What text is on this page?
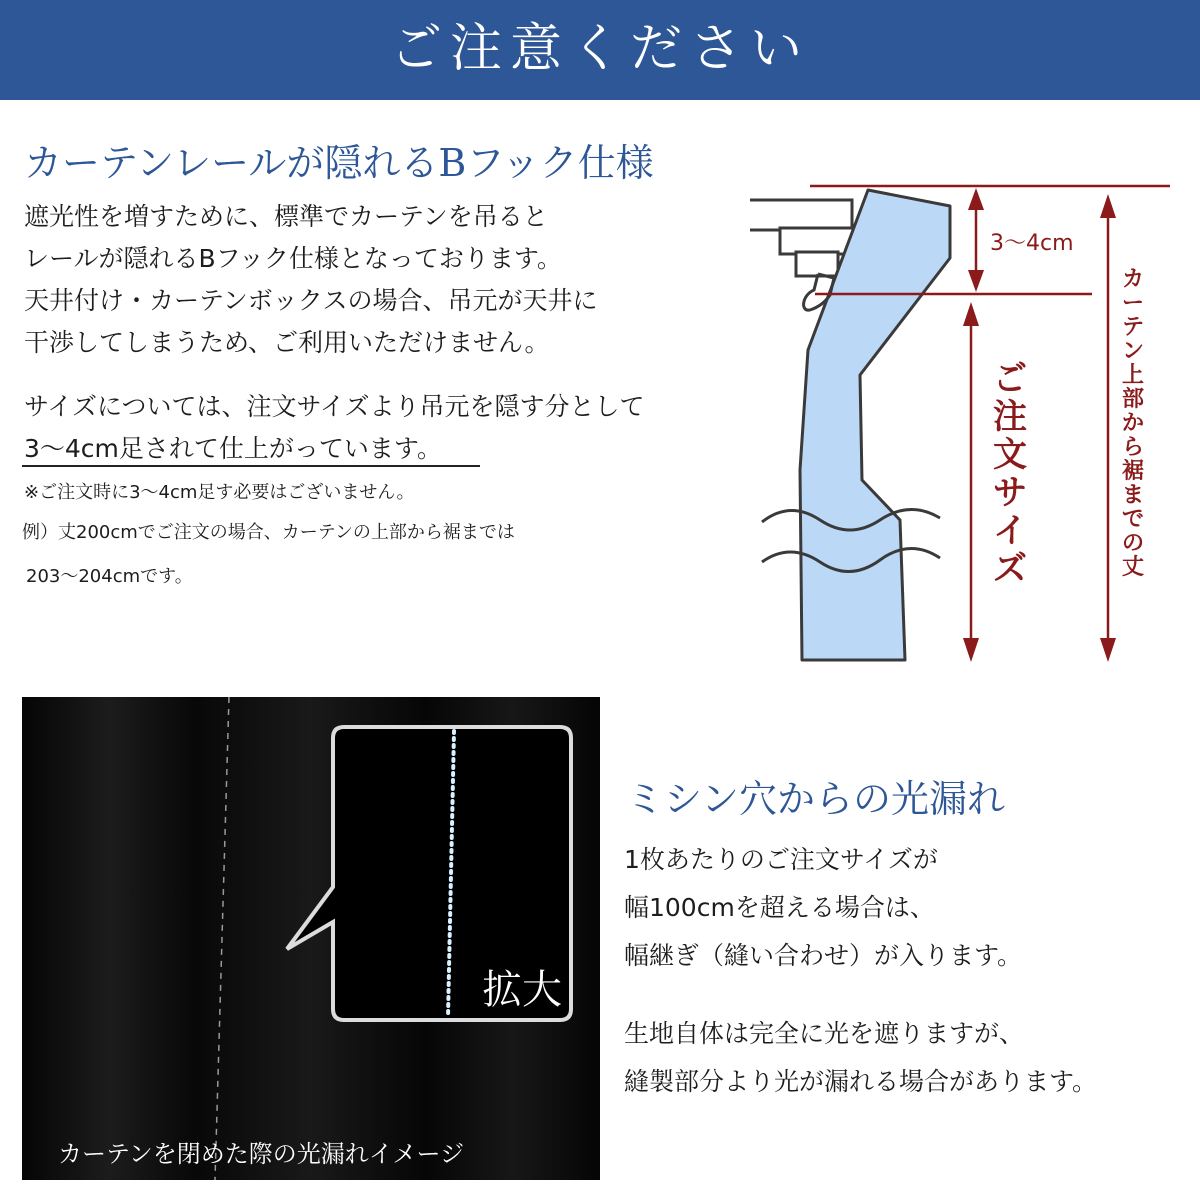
ご注意ください
カーテンレールが隠れるBフック仕様
遮光性を増すために、標準でカーテンを吊ると
レールが隠れるBフック仕様となっております。
天井付け・カーテンボックスの場合、吊元が天井に
干渉してしまうため、ご利用いただけません。
サイズについては、注文サイズより吊元を隠す分として
3〜4cm足されて仕上がっています。
※ご注文時に3〜4cm足す必要はございません。
例）丈200cmでご注文の場合、カーテンの上部から裾までは
203〜204cmです。
3〜4cm
ご
注
文
サ
イ
ズ
カ
ー
テ
ン
上
部
か
ら
裾
ま
で
の
丈
拡大
カーテンを閉めた際の光漏れイメージ
ミシン穴からの光漏れ
1枚あたりのご注文サイズが
幅100cmを超える場合は、
幅継ぎ（縫い合わせ）が入ります。
生地自体は完全に光を遮りますが、
縫製部分より光が漏れる場合があります。
